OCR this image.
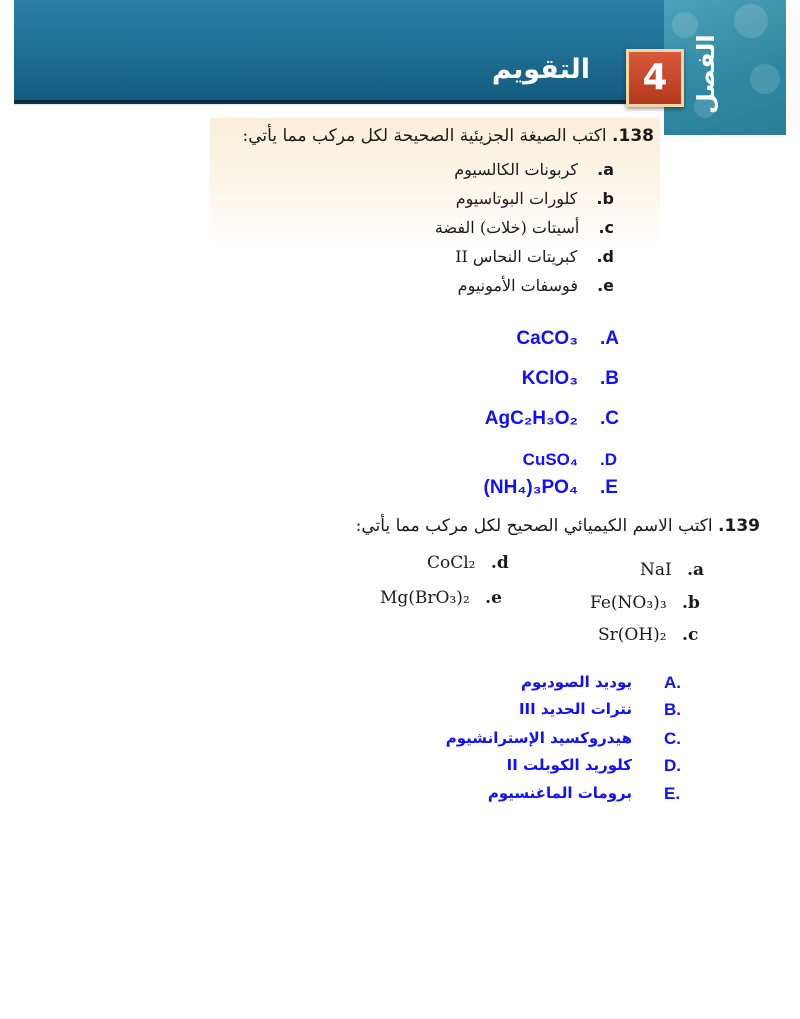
الفصل
4
التقويم
138. اكتب الصيغة الجزيئية الصحيحة لكل مركب مما يأتي:
a. كربونات الكالسيوم
b. كلورات البوتاسيوم
c. أسيتات (خلات) الفضة
d. كبريتات النحاس II
e. فوسفات الأمونيوم
CaCO₃ .A
KClO₃ .B
AgC₂H₃O₂ .C
CuSO₄ .D
(NH₄)₃PO₄ .E
139. اكتب الاسم الكيميائي الصحيح لكل مركب مما يأتي:
NaI .a
Fe(NO₃)₃ .b
Sr(OH)₂ .c
CoCl₂ .d
Mg(BrO₃)₂ .e
يوديد الصوديوم A.
نترات الحديد III B.
هيدروكسيد الإسترانشيوم C.
كلوريد الكوبلت II D.
برومات الماغنسيوم E.
